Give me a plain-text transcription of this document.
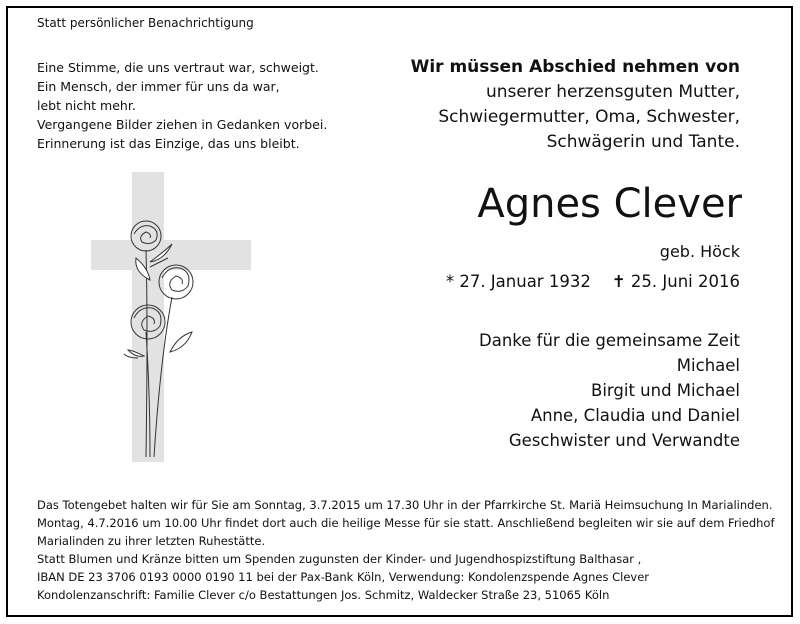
Statt persönlicher Benachrichtigung
Eine Stimme, die uns vertraut war, schweigt.
Ein Mensch, der immer für uns da war,
lebt nicht mehr.
Vergangene Bilder ziehen in Gedanken vorbei.
Erinnerung ist das Einzige, das uns bleibt.
Wir müssen Abschied nehmen von
unserer herzensguten Mutter,
Schwiegermutter, Oma, Schwester,
Schwägerin und Tante.
Agnes Clever
geb. Höck
* 27. Januar 1932 ✝ 25. Juni 2016
Danke für die gemeinsame Zeit
Michael
Birgit und Michael
Anne, Claudia und Daniel
Geschwister und Verwandte
Das Totengebet halten wir für Sie am Sonntag, 3.7.2015 um 17.30 Uhr in der Pfarrkirche St. Mariä Heimsuchung In Marialinden.
Montag, 4.7.2016 um 10.00 Uhr findet dort auch die heilige Messe für sie statt. Anschließend begleiten wir sie auf dem Friedhof
Marialinden zu ihrer letzten Ruhestätte.
Statt Blumen und Kränze bitten um Spenden zugunsten der Kinder- und Jugendhospizstiftung Balthasar ,
IBAN DE 23 3706 0193 0000 0190 11 bei der Pax-Bank Köln, Verwendung: Kondolenzspende Agnes Clever
Kondolenzanschrift: Familie Clever c/o Bestattungen Jos. Schmitz, Waldecker Straße 23, 51065 Köln
